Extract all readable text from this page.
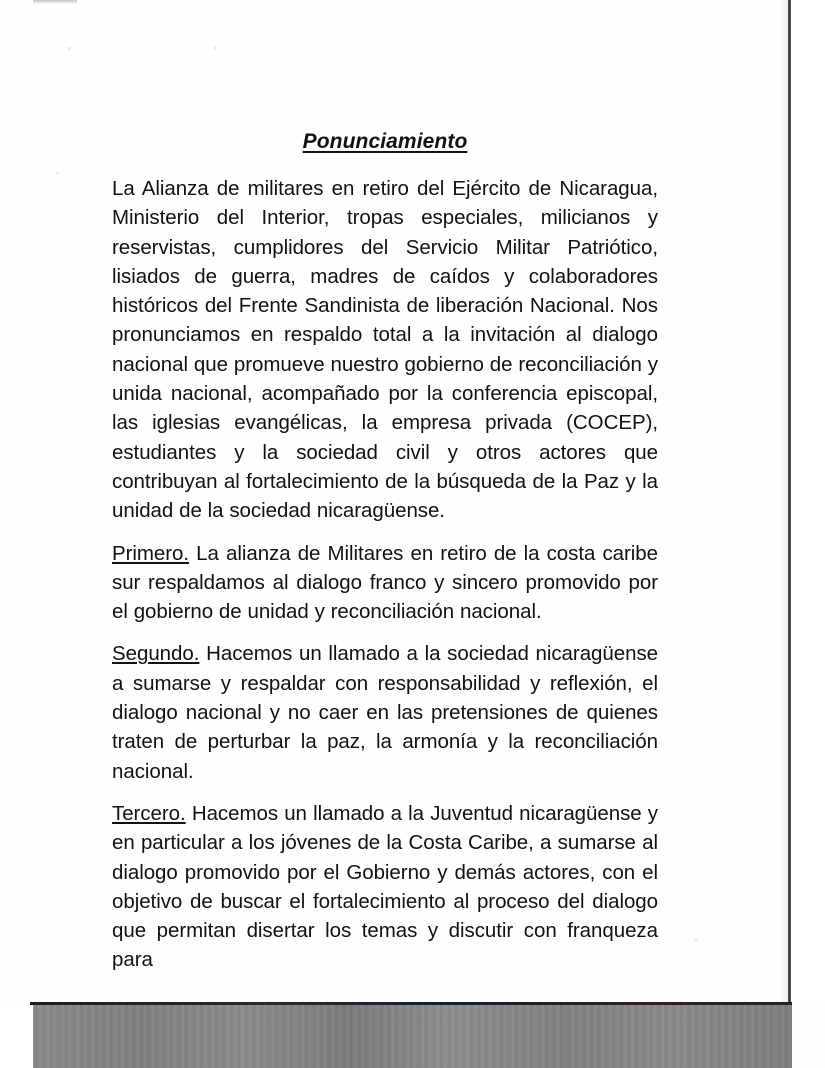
Ponunciamiento

La Alianza de militares en retiro del Ejército de Nicaragua, Ministerio del Interior, tropas especiales, milicianos y reservistas, cumplidores del Servicio Militar Patriótico, lisiados de guerra, madres de caídos y colaboradores históricos del Frente Sandinista de liberación Nacional. Nos pronunciamos en respaldo total a la invitación al dialogo nacional que promueve nuestro gobierno de reconciliación y unida nacional, acompañado por la conferencia episcopal, las iglesias evangélicas, la empresa privada (COCEP), estudiantes y la sociedad civil y otros actores que contribuyan al fortalecimiento de la búsqueda de la Paz y la unidad de la sociedad nicaragüense.

Primero. La alianza de Militares en retiro de la costa caribe sur respaldamos al dialogo franco y sincero promovido por el gobierno de unidad y reconciliación nacional.

Segundo. Hacemos un llamado a la sociedad nicaragüense a sumarse y respaldar con responsabilidad y reflexión, el dialogo nacional y no caer en las pretensiones de quienes traten de perturbar la paz, la armonía y la reconciliación nacional.

Tercero. Hacemos un llamado a la Juventud nicaragüense y en particular a los jóvenes de la Costa Caribe, a sumarse al dialogo promovido por el Gobierno y demás actores, con el objetivo de buscar el fortalecimiento al proceso del dialogo que permitan disertar los temas y discutir con franqueza para
